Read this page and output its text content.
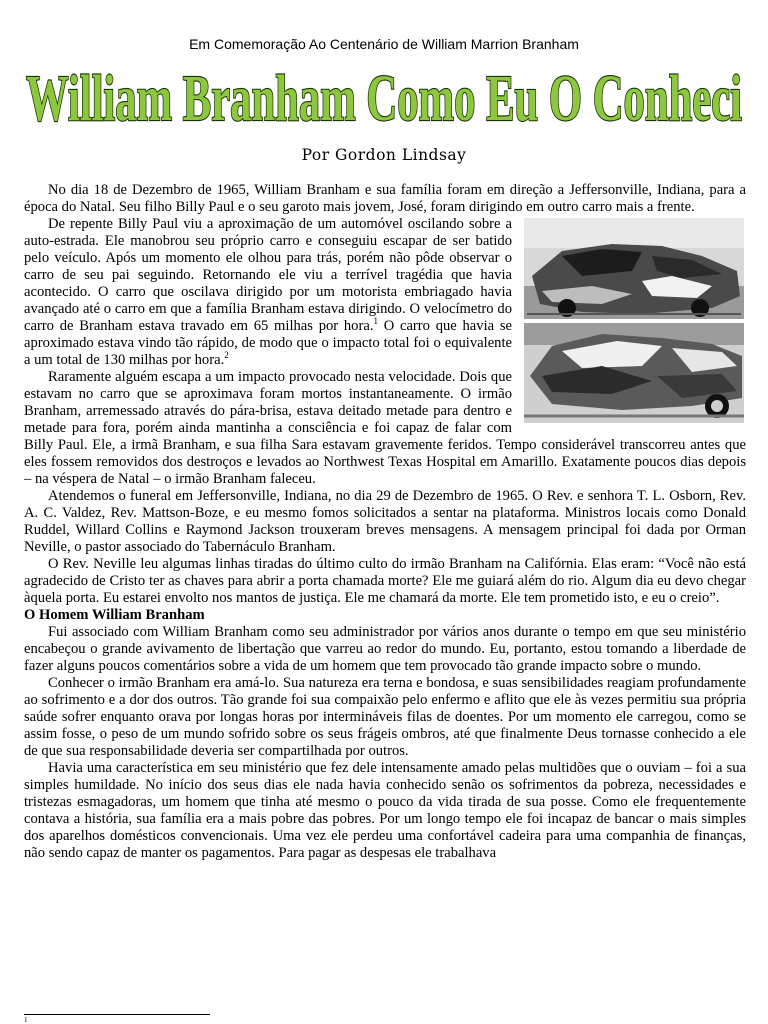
Em Comemoração Ao Centenário de William Marrion Branham
William Branham Como Eu O Conheci
Por Gordon Lindsay

No dia 18 de Dezembro de 1965, William Branham e sua família foram em direção a Jeffersonville, Indiana, para a época do Natal. Seu filho Billy Paul e o seu garoto mais jovem, José, foram dirigindo em outro carro mais a frente.

De repente Billy Paul viu a aproximação de um automóvel oscilando sobre a auto-estrada. Ele manobrou seu próprio carro e conseguiu escapar de ser batido pelo veículo. Após um momento ele olhou para trás, porém não pôde observar o carro de seu pai seguindo. Retornando ele viu a terrível tragédia que havia acontecido. O carro que oscilava dirigido por um motorista embriagado havia avançado até o carro em que a família Branham estava dirigindo. O velocímetro do carro de Branham estava travado em 65 milhas por hora.$^1$ O carro que havia se aproximado estava vindo tão rápido, de modo que o impacto total foi o equivalente a um total de 130 milhas por hora.$^2$

Raramente alguém escapa a um impacto provocado nesta velocidade. Dois que estavam no carro que se aproximava foram mortos instantaneamente. O irmão Branham, arremessado através do pára-brisa, estava deitado metade para dentro e metade para fora, porém ainda mantinha a consciência e foi capaz de falar com Billy Paul. Ele, a irmã Branham, e sua filha Sara estavam gravemente feridos. Tempo considerável transcorreu antes que eles fossem removidos dos destroços e levados ao Northwest Texas Hospital em Amarillo. Exatamente poucos dias depois – na véspera de Natal – o irmão Branham faleceu.

Atendemos o funeral em Jeffersonville, Indiana, no dia 29 de Dezembro de 1965. O Rev. e senhora T. L. Osborn, Rev. A. C. Valdez, Rev. Mattson-Boze, e eu mesmo fomos solicitados a sentar na plataforma. Ministros locais como Donald Ruddel, Willard Collins e Raymond Jackson trouxeram breves mensagens. A mensagem principal foi dada por Orman Neville, o pastor associado do Tabernáculo Branham.

O Rev. Neville leu algumas linhas tiradas do último culto do irmão Branham na Califórnia. Elas eram: “Você não está agradecido de Cristo ter as chaves para abrir a porta chamada morte? Ele me guiará além do rio. Algum dia eu devo chegar àquela porta. Eu estarei envolto nos mantos de justiça. Ele me chamará da morte. Ele tem prometido isto, e eu o creio”.

O Homem William Branham

Fui associado com William Branham como seu administrador por vários anos durante o tempo em que seu ministério encabeçou o grande avivamento de libertação que varreu ao redor do mundo. Eu, portanto, estou tomando a liberdade de fazer alguns poucos comentários sobre a vida de um homem que tem provocado tão grande impacto sobre o mundo.

Conhecer o irmão Branham era amá-lo. Sua natureza era terna e bondosa, e suas sensibilidades reagiam profundamente ao sofrimento e a dor dos outros. Tão grande foi sua compaixão pelo enfermo e aflito que ele às vezes permitiu sua própria saúde sofrer enquanto orava por longas horas por intermináveis filas de doentes. Por um momento ele carregou, como se assim fosse, o peso de um mundo sofrido sobre os seus frágeis ombros, até que finalmente Deus tornasse conhecido a ele de que sua responsabilidade deveria ser compartilhada por outros.

Havia uma característica em seu ministério que fez dele intensamente amado pelas multidões que o ouviam – foi a sua simples humildade. No início dos seus dias ele nada havia conhecido senão os sofrimentos da pobreza, necessidades e tristezas esmagadoras, um homem que tinha até mesmo o pouco da vida tirada de sua posse. Como ele frequentemente contava a história, sua família era a mais pobre das pobres. Por um longo tempo ele foi incapaz de bancar o mais simples dos aparelhos domésticos convencionais. Uma vez ele perdeu uma confortável cadeira para uma companhia de finanças, não sendo capaz de manter os pagamentos. Para pagar as despesas ele trabalhava

1
